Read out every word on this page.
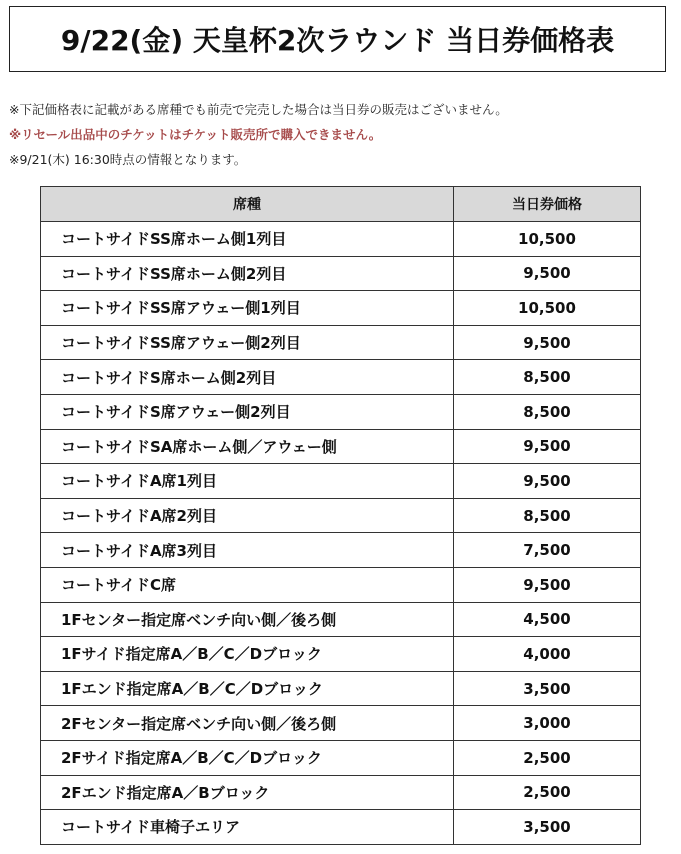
9/22(金) 天皇杯2次ラウンド 当日券価格表
※下記価格表に記載がある席種でも前売で完売した場合は当日券の販売はございません。
※リセール出品中のチケットはチケット販売所で購入できません。
※9/21(木) 16:30時点の情報となります。
席種	当日券価格
コートサイドSS席ホーム側1列目	10,500
コートサイドSS席ホーム側2列目	9,500
コートサイドSS席アウェー側1列目	10,500
コートサイドSS席アウェー側2列目	9,500
コートサイドS席ホーム側2列目	8,500
コートサイドS席アウェー側2列目	8,500
コートサイドSA席ホーム側／アウェー側	9,500
コートサイドA席1列目	9,500
コートサイドA席2列目	8,500
コートサイドA席3列目	7,500
コートサイドC席	9,500
1Fセンター指定席ベンチ向い側／後ろ側	4,500
1Fサイド指定席A／B／C／Dブロック	4,000
1Fエンド指定席A／B／C／Dブロック	3,500
2Fセンター指定席ベンチ向い側／後ろ側	3,000
2Fサイド指定席A／B／C／Dブロック	2,500
2Fエンド指定席A／Bブロック	2,500
コートサイド車椅子エリア	3,500
